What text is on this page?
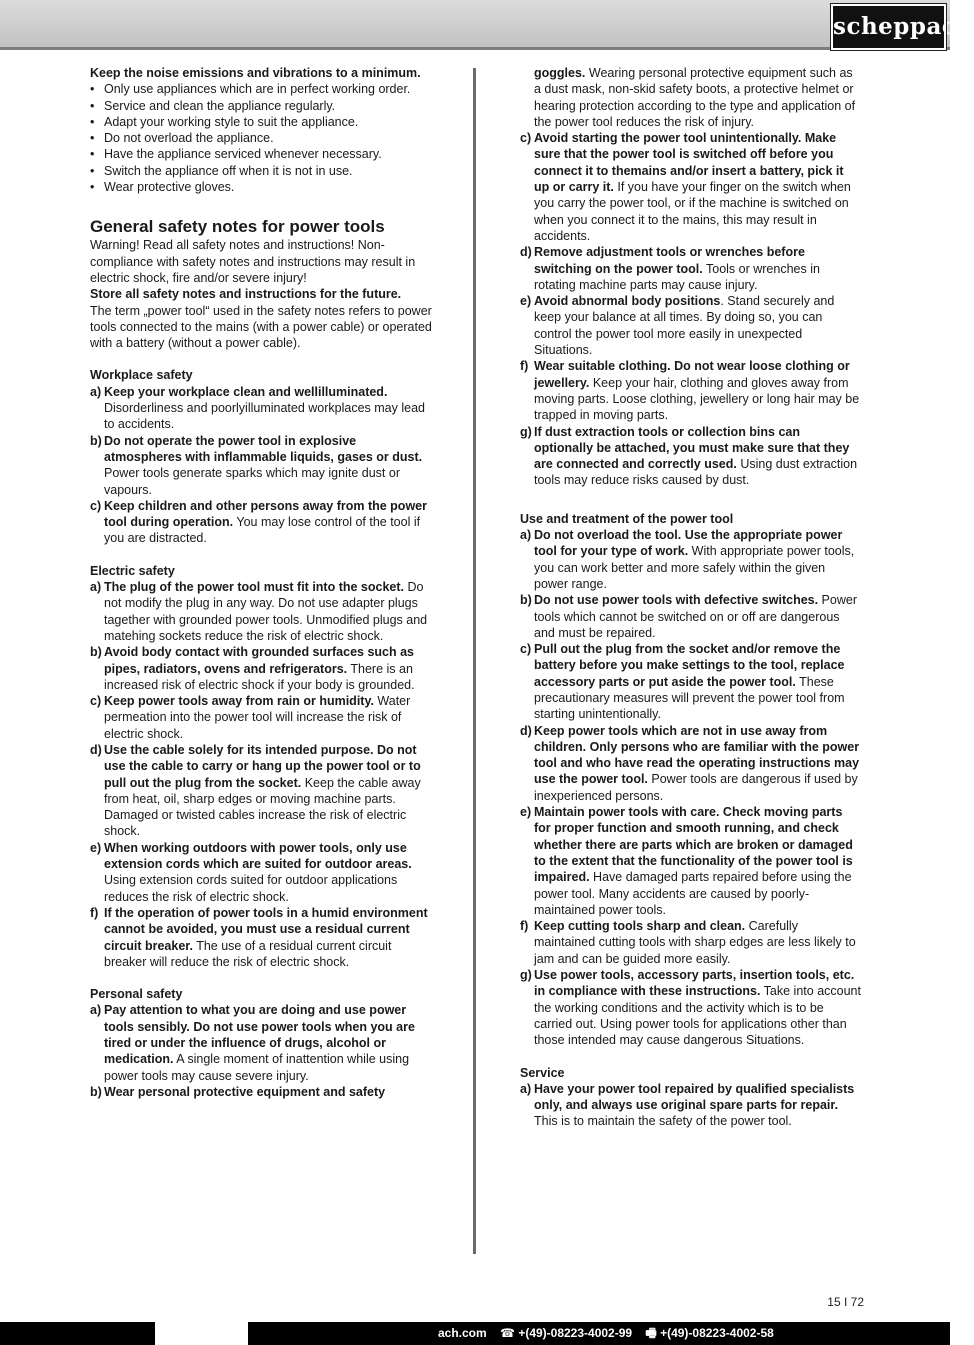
scheppach

Keep the noise emissions and vibrations to a minimum.

• Only use appliances which are in perfect working order.
• Service and clean the appliance regularly.
• Adapt your working style to suit the appliance.
• Do not overload the appliance.
• Have the appliance serviced whenever necessary.
• Switch the appliance off when it is not in use.
• Wear protective gloves.

General safety notes for power tools

Warning! Read all safety notes and instructions! Non-compliance with safety notes and instructions may result in electric shock, fire and/or severe injury!

Store all safety notes and instructions for the future.

The term „power tool“ used in the safety notes refers to power tools connected to the mains (with a power cable) or operated with a battery (without a power cable).

Workplace safety

a) Keep your workplace clean and wellilluminated. Disorderliness and poorlyilluminated workplaces may lead to accidents.
b) Do not operate the power tool in explosive atmospheres with inflammable liquids, gases or dust. Power tools generate sparks which may ignite dust or vapours.
c) Keep children and other persons away from the power tool during operation. You may lose control of the tool if you are distracted.

Electric safety

a) The plug of the power tool must fit into the socket. Do not modify the plug in any way. Do not use adapter plugs tagether with grounded power tools. Unmodified plugs and matehing sockets reduce the risk of electric shock.
b) Avoid body contact with grounded surfaces such as pipes, radiators, ovens and refrigerators. There is an increased risk of electric shock if your body is grounded.
c) Keep power tools away from rain or humidity. Water permeation into the power tool will increase the risk of electric shock.
d) Use the cable solely for its intended purpose. Do not use the cable to carry or hang up the power tool or to pull out the plug from the socket. Keep the cable away from heat, oil, sharp edges or moving machine parts. Damaged or twisted cables increase the risk of electric shock.
e) When working outdoors with power tools, only use extension cords which are suited for outdoor areas. Using extension cords suited for outdoor applications reduces the risk of electric shock.
f) If the operation of power tools in a humid environment cannot be avoided, you must use a residual current circuit breaker. The use of a residual current circuit breaker will reduce the risk of electric shock.

Personal safety

a) Pay attention to what you are doing and use power tools sensibly. Do not use power tools when you are tired or under the influence of drugs, alcohol or medication. A single moment of inattention while using power tools may cause severe injury.
b) Wear personal protective equipment and safety
goggles. Wearing personal protective equipment such as a dust mask, non-skid safety boots, a protective helmet or hearing protection according to the type and application of the power tool reduces the risk of injury.
c) Avoid starting the power tool unintentionally. Make sure that the power tool is switched off before you connect it to themains and/or insert a battery, pick it up or carry it. If you have your finger on the switch when you carry the power tool, or if the machine is switched on when you connect it to the mains, this may result in accidents.
d) Remove adjustment tools or wrenches before switching on the power tool. Tools or wrenches in rotating machine parts may cause injury.
e) Avoid abnormal body positions. Stand securely and keep your balance at all times. By doing so, you can control the power tool more easily in unexpected Situations.
f) Wear suitable clothing. Do not wear loose clothing or jewellery. Keep your hair, clothing and gloves away from moving parts. Loose clothing, jewellery or long hair may be trapped in moving parts.
g) If dust extraction tools or collection bins can optionally be attached, you must make sure that they are connected and correctly used. Using dust extraction tools may reduce risks caused by dust.

Use and treatment of the power tool

a) Do not overload the tool. Use the appropriate power tool for your type of work. With appropriate power tools, you can work better and more safely within the given power range.
b) Do not use power tools with defective switches. Power tools which cannot be switched on or off are dangerous and must be repaired.
c) Pull out the plug from the socket and/or remove the battery before you make settings to the tool, replace accessory parts or put aside the power tool. These precautionary measures will prevent the power tool from starting unintentionally.
d) Keep power tools which are not in use away from children. Only persons who are familiar with the power tool and who have read the operating instructions may use the power tool. Power tools are dangerous if used by inexperienced persons.
e) Maintain power tools with care. Check moving parts for proper function and smooth running, and check whether there are parts which are broken or damaged to the extent that the functionality of the power tool is impaired. Have damaged parts repaired before using the power tool. Many accidents are caused by poorly-maintained power tools.
f) Keep cutting tools sharp and clean. Carefully maintained cutting tools with sharp edges are less likely to jam and can be guided more easily.
g) Use power tools, accessory parts, insertion tools, etc. in compliance with these instructions. Take into account the working conditions and the activity which is to be carried out. Using power tools for applications other than those intended may cause dangerous Situations.

Service

a) Have your power tool repaired by qualified specialists only, and always use original spare parts for repair. This is to maintain the safety of the power tool.
15 I 72
ach.com ☎ +(49)-08223-4002-99 🖷 +(49)-08223-4002-58
